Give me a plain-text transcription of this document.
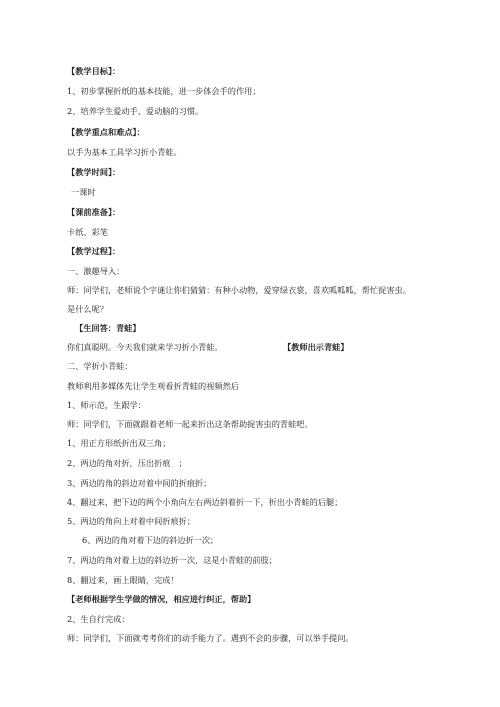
【教学目标】：
1、初步掌握折纸的基本技能，进一步体会手的作用；
2、培养学生爱动手、爱动脑的习惯。
【教学重点和难点】：
以手为基本工具学习折小青蛙。
【教学时间】：
一课时
【课前准备】：
卡纸、彩笔
【教学过程】：
一、激趣导入：
师：同学们，老师说个字谜让你们猜猜：有种小动物，爱穿绿衣裳，喜欢呱呱呱，帮忙捉害虫。
是什么呢？
【生回答：青蛙】
你们真聪明。今天我们就来学习折小青蛙。	【教师出示青蛙】
二、学折小青蛙：
教师利用多媒体先让学生观看折青蛙的视频然后
1、师示范，生跟学：
师：同学们，下面就跟着老师一起来折出这条帮助捉害虫的青蛙吧。
1、用正方形纸折出双三角；
2、两边的角对折，压出折痕　；
3、两边的角的斜边对着中间的折痕折；
4、翻过来，把下边的两个小角向左右两边斜着折一下，折出小青蛙的后腿；
5、两边的角向上对着中间折痕折；
6、两边的角对着下边的斜边折一次；
7、两边的角对着上边的斜边折一次，这是小青蛙的前肢；
8、翻过来，画上眼睛，完成！
【老师根据学生学做的情况，相应进行纠正，帮助】
2、生自行完成：
师：同学们，下面就考考你们的动手能力了。遇到不会的步骤，可以举手提问。
